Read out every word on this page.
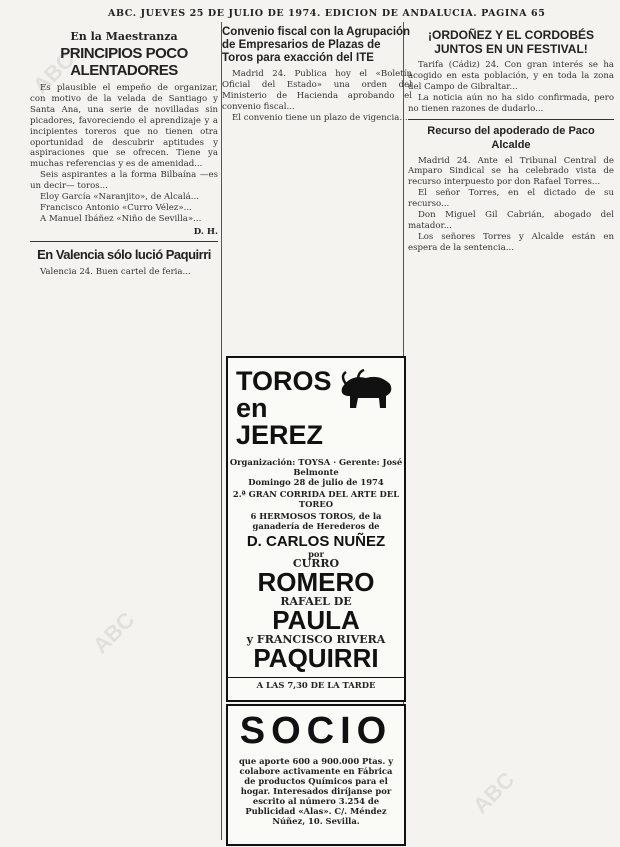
ABC
ABC
ABC
ABC. JUEVES 25 DE JULIO DE 1974. EDICION DE ANDALUCIA. PAGINA 65
En la Maestranza
PRINCIPIOS POCO ALENTADORES

Es plausible el empeño de organizar, con motivo de la velada de Santiago y Santa Ana, una serie de novilladas sin picadores, favoreciendo el aprendizaje y a incipientes toreros que no tienen otra oportunidad de descubrir aptitudes y aspiraciones que se ofrecen. Tiene ya muchas referencias y es de amenidad...

Seis aspirantes a la forma Bilbaína —es un decir— toros...

Eloy García «Naranjito», de Alcalá...

Francisco Antonio «Curro Vélez»...

A Manuel Ibáñez «Niño de Sevilla»...

D. H.
En Valencia sólo lució Paquirri

Valencia 24. Buen cartel de feria...

Convenio fiscal con la Agrupación de Empresarios de Plazas de Toros para exacción del ITE

Madrid 24. Publica hoy el «Boletín Oficial del Estado» una orden del Ministerio de Hacienda aprobando el convenio fiscal...

El convenio tiene un plazo de vigencia...

TOROS en JEREZ
Organización: TOYSA · Gerente: José Belmonte
Domingo 28 de julio de 1974
2.ª GRAN CORRIDA DEL ARTE DEL TOREO
6 HERMOSOS TOROS, de la ganadería de Herederos de
D. CARLOS NUÑEZ
por
CURRO
ROMERO
RAFAEL DE
PAULA
y FRANCISCO RIVERA
PAQUIRRI
A LAS 7,30 DE LA TARDE
SOCIO
que aporte 600 a 900.000 Ptas. y colabore activamente en Fábrica de productos Químicos para el hogar. Interesados diríjanse por escrito al número 3.254 de Publicidad «Alas». C/. Méndez Núñez, 10. Sevilla.
¡ORDOÑEZ Y EL CORDOBÉS JUNTOS EN UN FESTIVAL!

Tarifa (Cádiz) 24. Con gran interés se ha acogido en esta población, y en toda la zona del Campo de Gibraltar...

La noticia aún no ha sido confirmada, pero no tienen razones de dudarlo...

Recurso del apoderado de Paco Alcalde

Madrid 24. Ante el Tribunal Central de Amparo Sindical se ha celebrado vista de recurso interpuesto por don Rafael Torres...

El señor Torres, en el dictado de su recurso...

Don Miguel Gil Cabrián, abogado del matador...

Los señores Torres y Alcalde están en espera de la sentencia...
